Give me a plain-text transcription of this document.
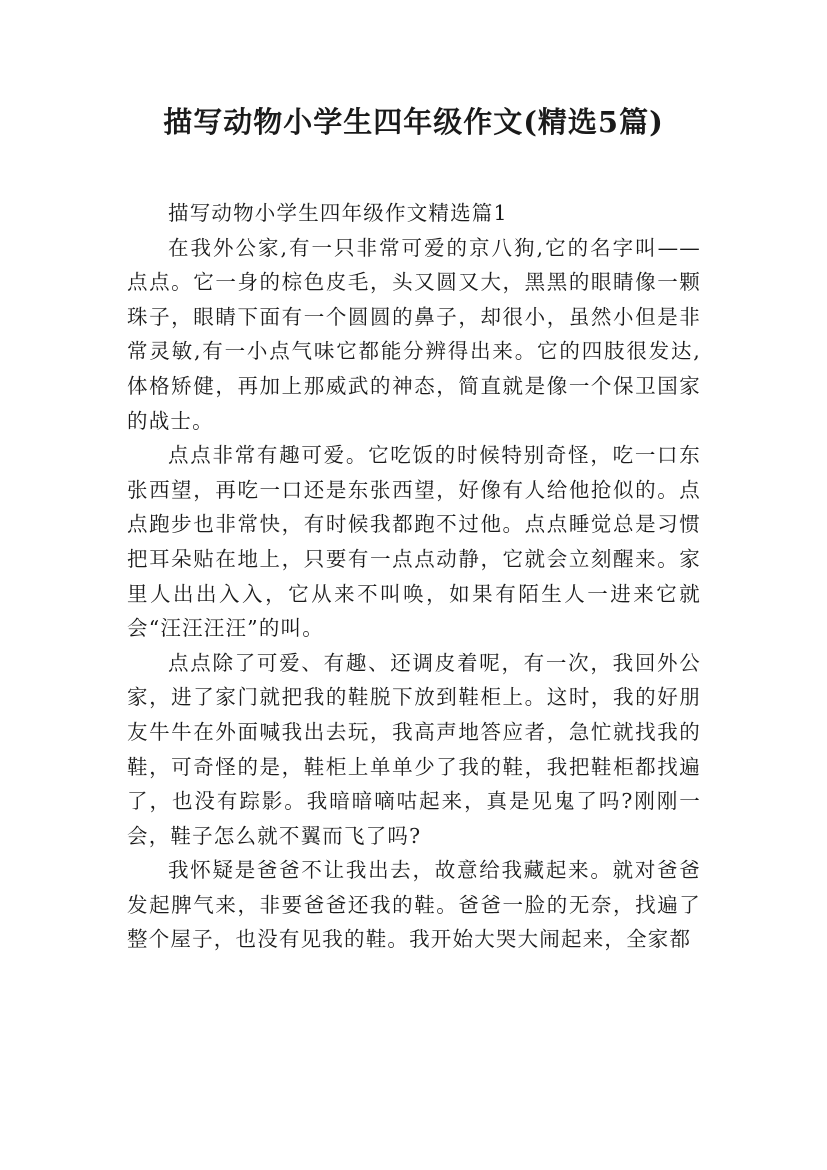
描写动物小学生四年级作文(精选5篇)

描写动物小学生四年级作文精选篇1

在我外公家,有一只非常可爱的京八狗,它的名字叫——点点。它一身的棕色皮毛，头又圆又大，黑黑的眼睛像一颗珠子，眼睛下面有一个圆圆的鼻子，却很小，虽然小但是非常灵敏,有一小点气味它都能分辨得出来。它的四肢很发达,体格矫健，再加上那威武的神态，简直就是像一个保卫国家的战士。

点点非常有趣可爱。它吃饭的时候特别奇怪，吃一口东张西望，再吃一口还是东张西望，好像有人给他抢似的。点点跑步也非常快，有时候我都跑不过他。点点睡觉总是习惯把耳朵贴在地上，只要有一点点动静，它就会立刻醒来。家里人出出入入，它从来不叫唤，如果有陌生人一进来它就会“汪汪汪汪”的叫。

点点除了可爱、有趣、还调皮着呢，有一次，我回外公家，进了家门就把我的鞋脱下放到鞋柜上。这时，我的好朋友牛牛在外面喊我出去玩，我高声地答应者，急忙就找我的鞋，可奇怪的是，鞋柜上单单少了我的鞋，我把鞋柜都找遍了，也没有踪影。我暗暗嘀咕起来，真是见鬼了吗?刚刚一会，鞋子怎么就不翼而飞了吗?

我怀疑是爸爸不让我出去，故意给我藏起来。就对爸爸发起脾气来，非要爸爸还我的鞋。爸爸一脸的无奈，找遍了整个屋子，也没有见我的鞋。我开始大哭大闹起来，全家都
